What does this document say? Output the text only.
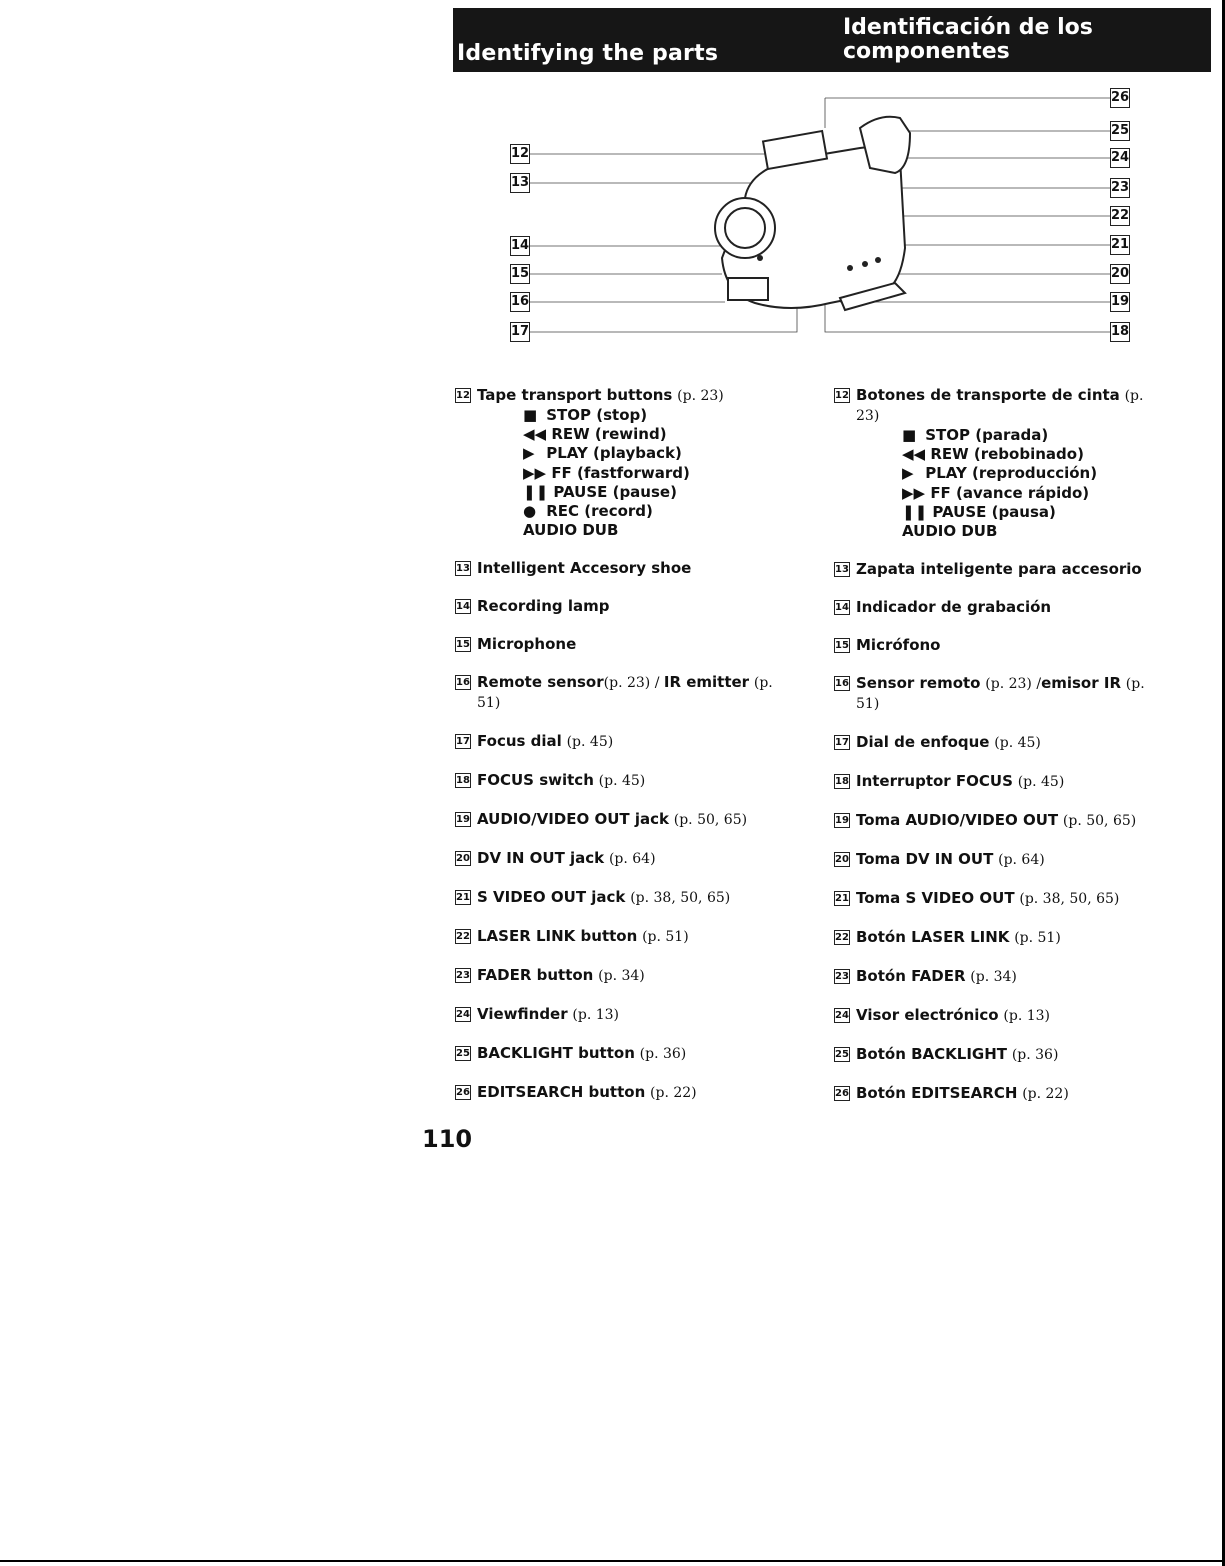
Identifying the parts
Identificación de los
componentes
12
13
14
15
16
17
26
25
24
23
22
21
20
19
18
12 Tape transport buttons (p. 23)
■ STOP (stop)
◀◀ REW (rewind)
▶ PLAY (playback)
▶▶ FF (fastforward)
❚❚ PAUSE (pause)
● REC (record)
AUDIO DUB
13 Intelligent Accesory shoe
14 Recording lamp
15 Microphone
16 Remote sensor(p. 23) / IR emitter (p. 51)
17 Focus dial (p. 45)
18 FOCUS switch (p. 45)
19 AUDIO/VIDEO OUT jack (p. 50, 65)
20 DV IN OUT jack (p. 64)
21 S VIDEO OUT jack (p. 38, 50, 65)
22 LASER LINK button (p. 51)
23 FADER button (p. 34)
24 Viewfinder (p. 13)
25 BACKLIGHT button (p. 36)
26 EDITSEARCH button (p. 22)
12 Botones de transporte de cinta (p. 23)
■ STOP (parada)
◀◀ REW (rebobinado)
▶ PLAY (reproducción)
▶▶ FF (avance rápido)
❚❚ PAUSE (pausa)
AUDIO DUB
13 Zapata inteligente para accesorio
14 Indicador de grabación
15 Micrófono
16 Sensor remoto (p. 23) /emisor IR (p. 51)
17 Dial de enfoque (p. 45)
18 Interruptor FOCUS (p. 45)
19 Toma AUDIO/VIDEO OUT (p. 50, 65)
20 Toma DV IN OUT (p. 64)
21 Toma S VIDEO OUT (p. 38, 50, 65)
22 Botón LASER LINK (p. 51)
23 Botón FADER (p. 34)
24 Visor electrónico (p. 13)
25 Botón BACKLIGHT (p. 36)
26 Botón EDITSEARCH (p. 22)
110
